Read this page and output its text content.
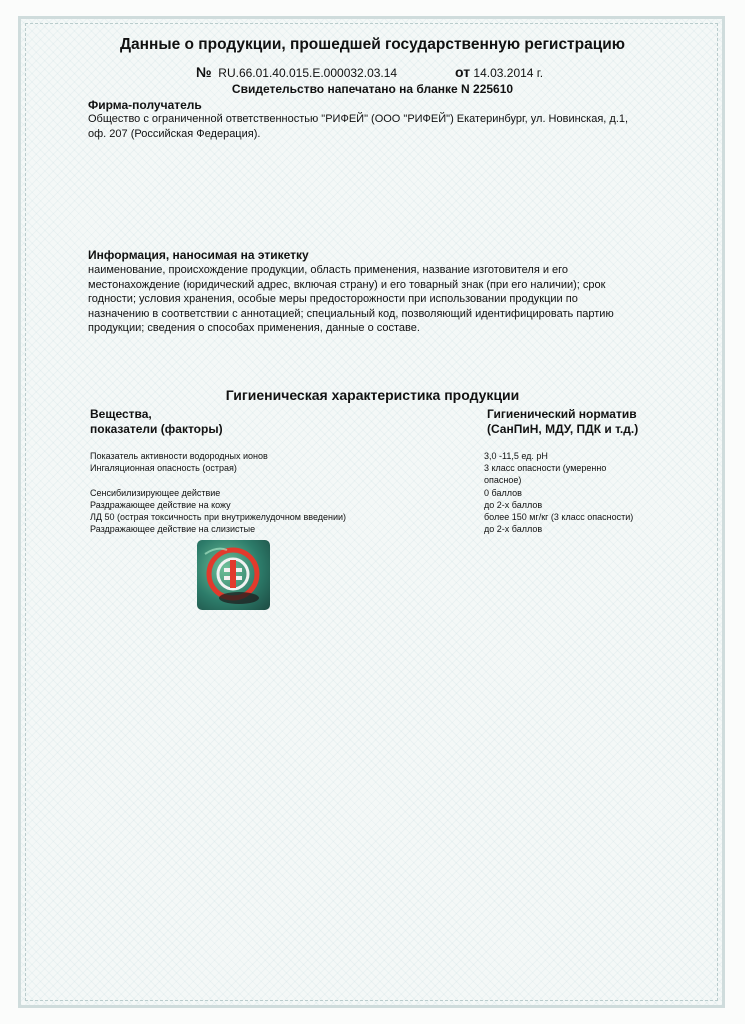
Данные о продукции, прошедшей государственную регистрацию
№ RU.66.01.40.015.Е.000032.03.14	от 14.03.2014 г.
Свидетельство напечатано на бланке N 225610
Фирма-получатель
Общество с ограниченной ответственностью "РИФЕЙ" (ООО "РИФЕЙ") Екатеринбург, ул. Новинская, д.1,
оф. 207 (Российская Федерация).
Информация, наносимая на этикетку
наименование, происхождение продукции, область применения, название изготовителя и его
местонахождение (юридический адрес, включая страну) и его товарный знак (при его наличии); срок
годности; условия хранения, особые меры предосторожности при использовании продукции по
назначению в соответствии с аннотацией; специальный код, позволяющий идентифицировать партию
продукции; сведения о способах применения, данные о составе.
Гигиеническая характеристика продукции
Вещества,
показатели (факторы)
Гигиенический норматив
(СанПиН, МДУ, ПДК и т.д.)
Показатель активности водородных ионов	3,0 -11,5 ед. pH
Ингаляционная опасность (острая)	3 класс опасности (умеренно
опасное)
Сенсибилизирующее действие	0 баллов
Раздражающее действие на кожу	до 2-х баллов
ЛД 50 (острая токсичность при внутрижелудочном введении)	более 150 мг/кг (3 класс опасности)
Раздражающее действие на слизистые	до 2-х баллов
